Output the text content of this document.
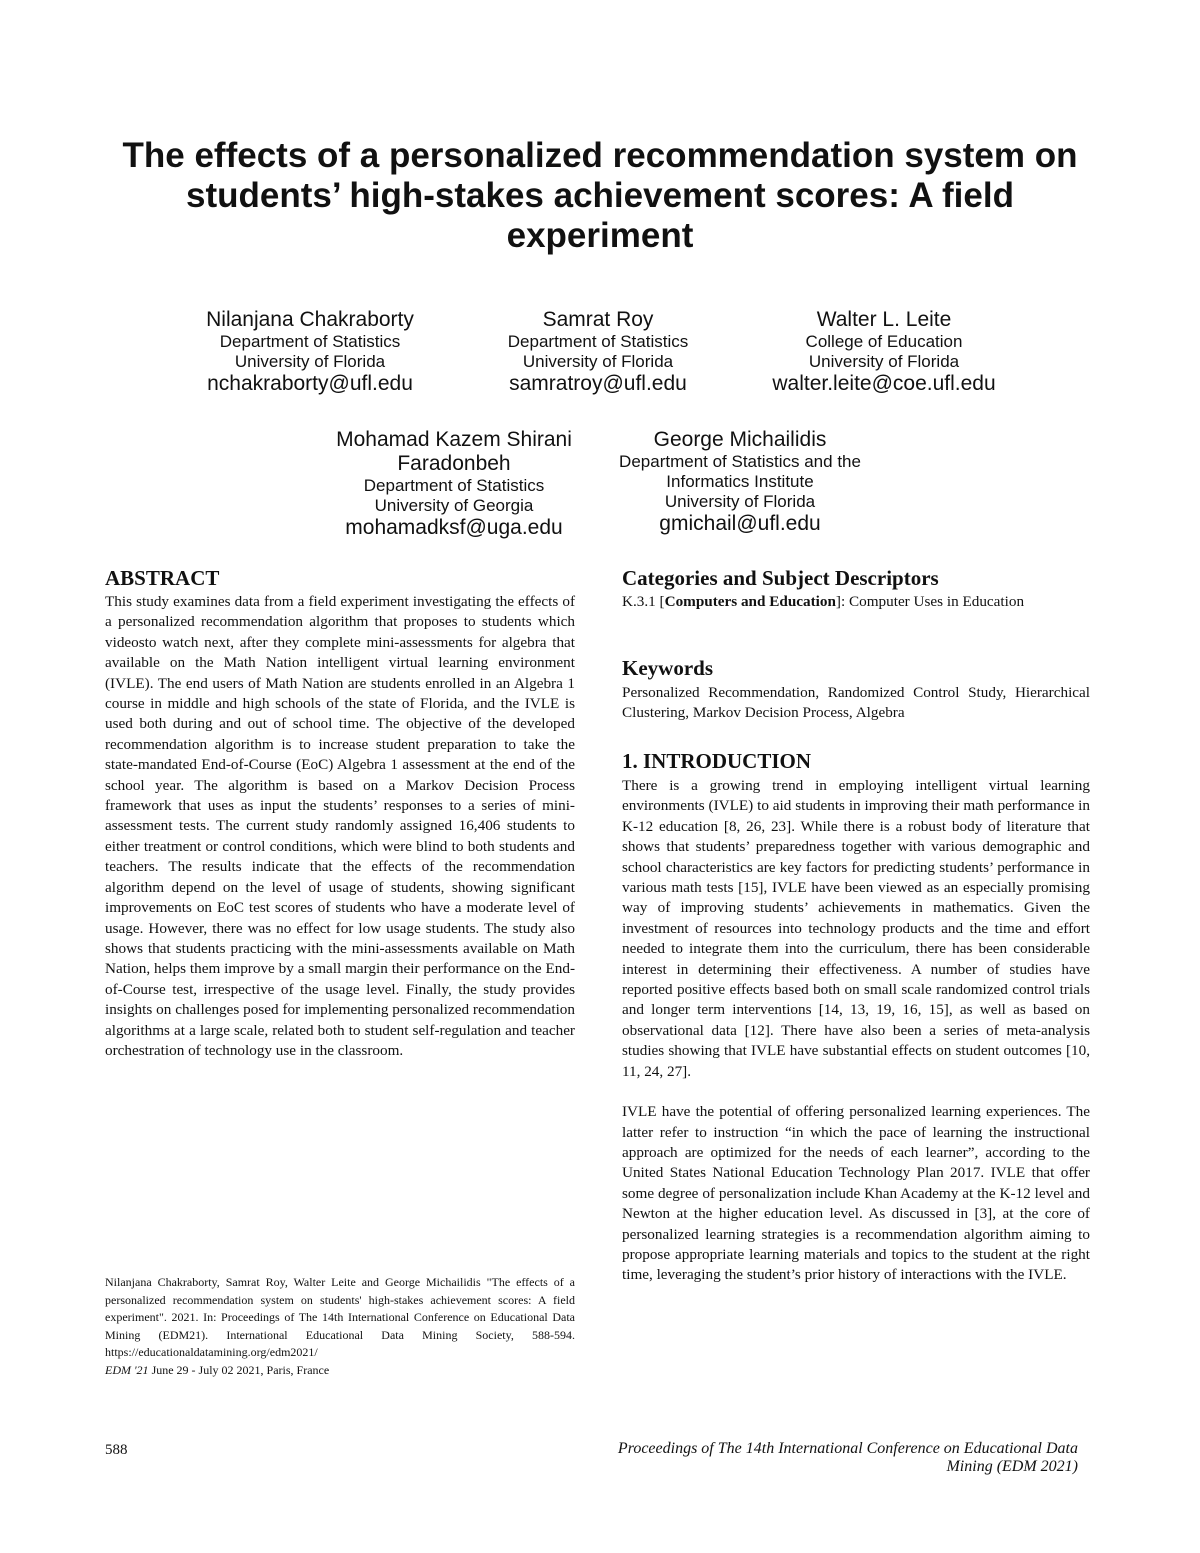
The effects of a personalized recommendation system on students’ high-stakes achievement scores: A field experiment
Nilanjana Chakraborty
Department of Statistics
University of Florida
nchakraborty@ufl.edu
Samrat Roy
Department of Statistics
University of Florida
samratroy@ufl.edu
Walter L. Leite
College of Education
University of Florida
walter.leite@coe.ufl.edu
Mohamad Kazem Shirani Faradonbeh
Department of Statistics
University of Georgia
mohamadksf@uga.edu
George Michailidis
Department of Statistics and the Informatics Institute
University of Florida
gmichail@ufl.edu
ABSTRACT
This study examines data from a field experiment investigating the effects of a personalized recommendation algorithm that proposes to students which videosto watch next, after they complete mini-assessments for algebra that available on the Math Nation intelligent virtual learning environment (IVLE). The end users of Math Nation are students enrolled in an Algebra 1 course in middle and high schools of the state of Florida, and the IVLE is used both during and out of school time. The objective of the developed recommendation algorithm is to increase student preparation to take the state-mandated End-of-Course (EoC) Algebra 1 assessment at the end of the school year. The algorithm is based on a Markov Decision Process framework that uses as input the students’ responses to a series of mini-assessment tests. The current study randomly assigned 16,406 students to either treatment or control conditions, which were blind to both students and teachers. The results indicate that the effects of the recommendation algorithm depend on the level of usage of students, showing significant improvements on EoC test scores of students who have a moderate level of usage. However, there was no effect for low usage students. The study also shows that students practicing with the mini-assessments available on Math Nation, helps them improve by a small margin their performance on the End-of-Course test, irrespective of the usage level. Finally, the study provides insights on challenges posed for implementing personalized recommendation algorithms at a large scale, related both to student self-regulation and teacher orchestration of technology use in the classroom.
Nilanjana Chakraborty, Samrat Roy, Walter Leite and George Michailidis "The effects of a personalized recommendation system on students' high-stakes achievement scores: A field experiment". 2021. In: Proceedings of The 14th International Conference on Educational Data Mining (EDM21). International Educational Data Mining Society, 588-594. https://educationaldatamining.org/edm2021/
EDM '21 June 29 - July 02 2021, Paris, France
Categories and Subject Descriptors
K.3.1 [Computers and Education]: Computer Uses in Education
Keywords
Personalized Recommendation, Randomized Control Study, Hierarchical Clustering, Markov Decision Process, Algebra
1. INTRODUCTION
There is a growing trend in employing intelligent virtual learning environments (IVLE) to aid students in improving their math performance in K-12 education [8, 26, 23]. While there is a robust body of literature that shows that students’ preparedness together with various demographic and school characteristics are key factors for predicting students’ performance in various math tests [15], IVLE have been viewed as an especially promising way of improving students’ achievements in mathematics. Given the investment of resources into technology products and the time and effort needed to integrate them into the curriculum, there has been considerable interest in determining their effectiveness. A number of studies have reported positive effects based both on small scale randomized control trials and longer term interventions [14, 13, 19, 16, 15], as well as based on observational data [12]. There have also been a series of meta-analysis studies showing that IVLE have substantial effects on student outcomes [10, 11, 24, 27].
IVLE have the potential of offering personalized learning experiences. The latter refer to instruction “in which the pace of learning the instructional approach are optimized for the needs of each learner”, according to the United States National Education Technology Plan 2017. IVLE that offer some degree of personalization include Khan Academy at the K-12 level and Newton at the higher education level. As discussed in [3], at the core of personalized learning strategies is a recommendation algorithm aiming to propose appropriate learning materials and topics to the student at the right time, leveraging the student’s prior history of interactions with the IVLE.
588	Proceedings of The 14th International Conference on Educational Data Mining (EDM 2021)
